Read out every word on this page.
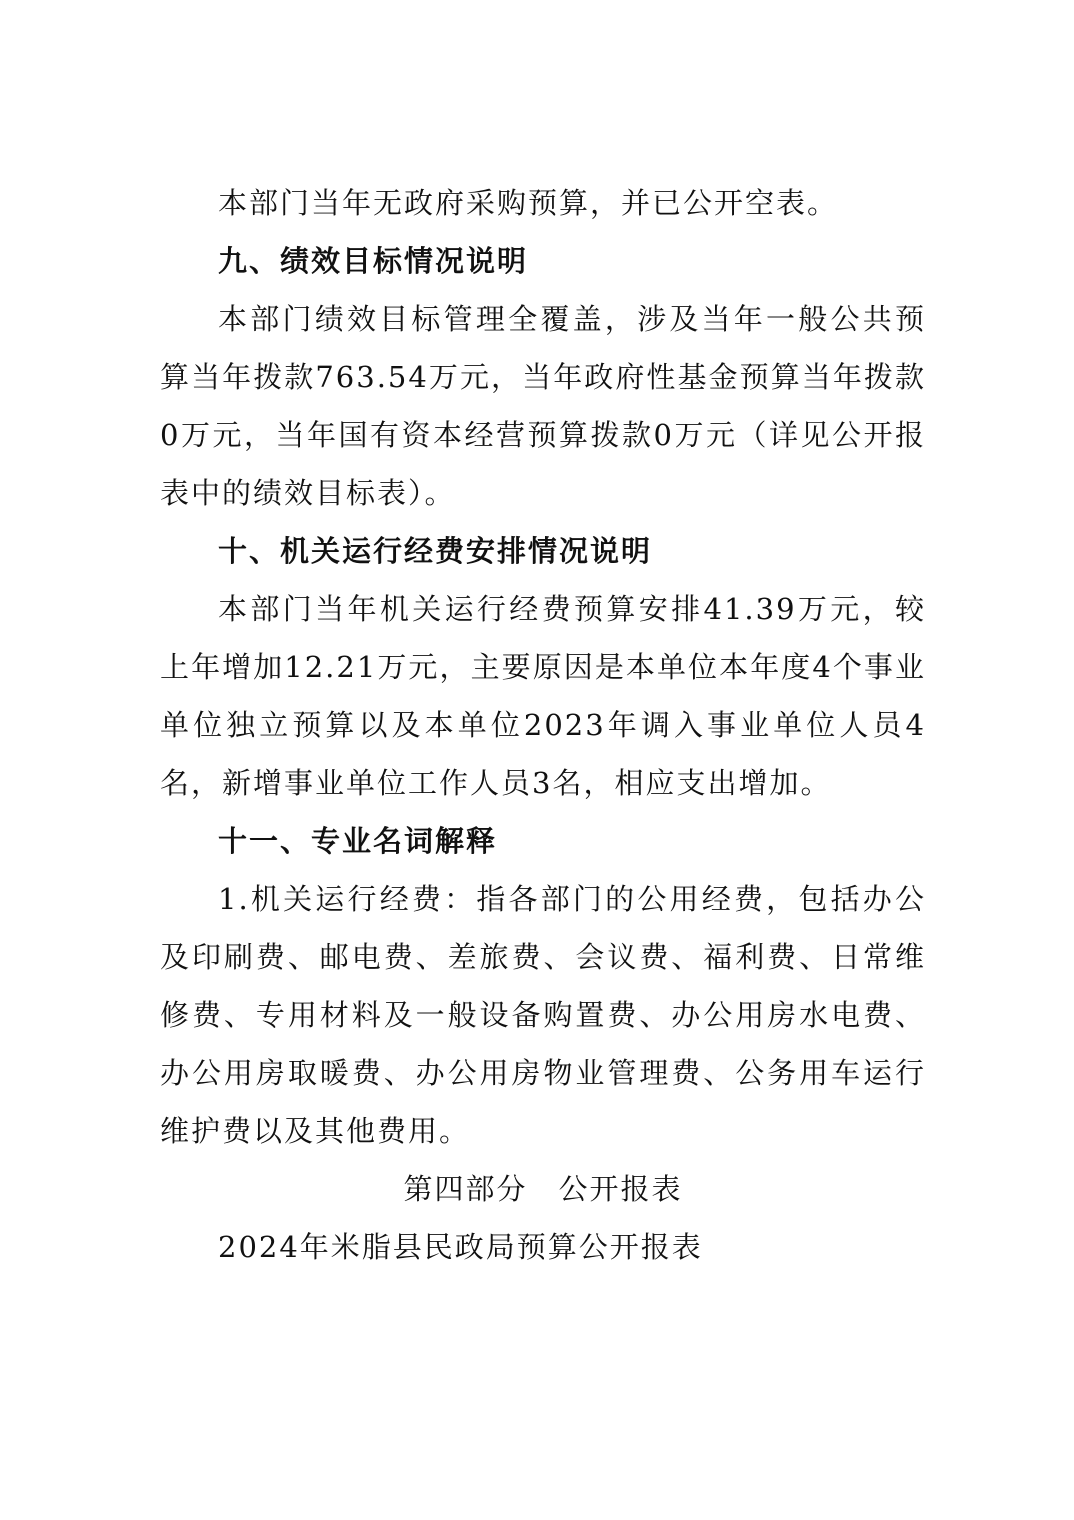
本部门当年无政府采购预算，并已公开空表。

九、绩效目标情况说明

本部门绩效目标管理全覆盖，涉及当年一般公共预算当年拨款763.54万元，当年政府性基金预算当年拨款0万元，当年国有资本经营预算拨款0万元（详见公开报表中的绩效目标表）。

十、机关运行经费安排情况说明

本部门当年机关运行经费预算安排41.39万元，较上年增加12.21万元，主要原因是本单位本年度4个事业单位独立预算以及本单位2023年调入事业单位人员4名，新增事业单位工作人员3名，相应支出增加。

十一、专业名词解释

1.机关运行经费：指各部门的公用经费，包括办公及印刷费、邮电费、差旅费、会议费、福利费、日常维修费、专用材料及一般设备购置费、办公用房水电费、办公用房取暖费、办公用房物业管理费、公务用车运行维护费以及其他费用。

第四部分　公开报表

2024年米脂县民政局预算公开报表
